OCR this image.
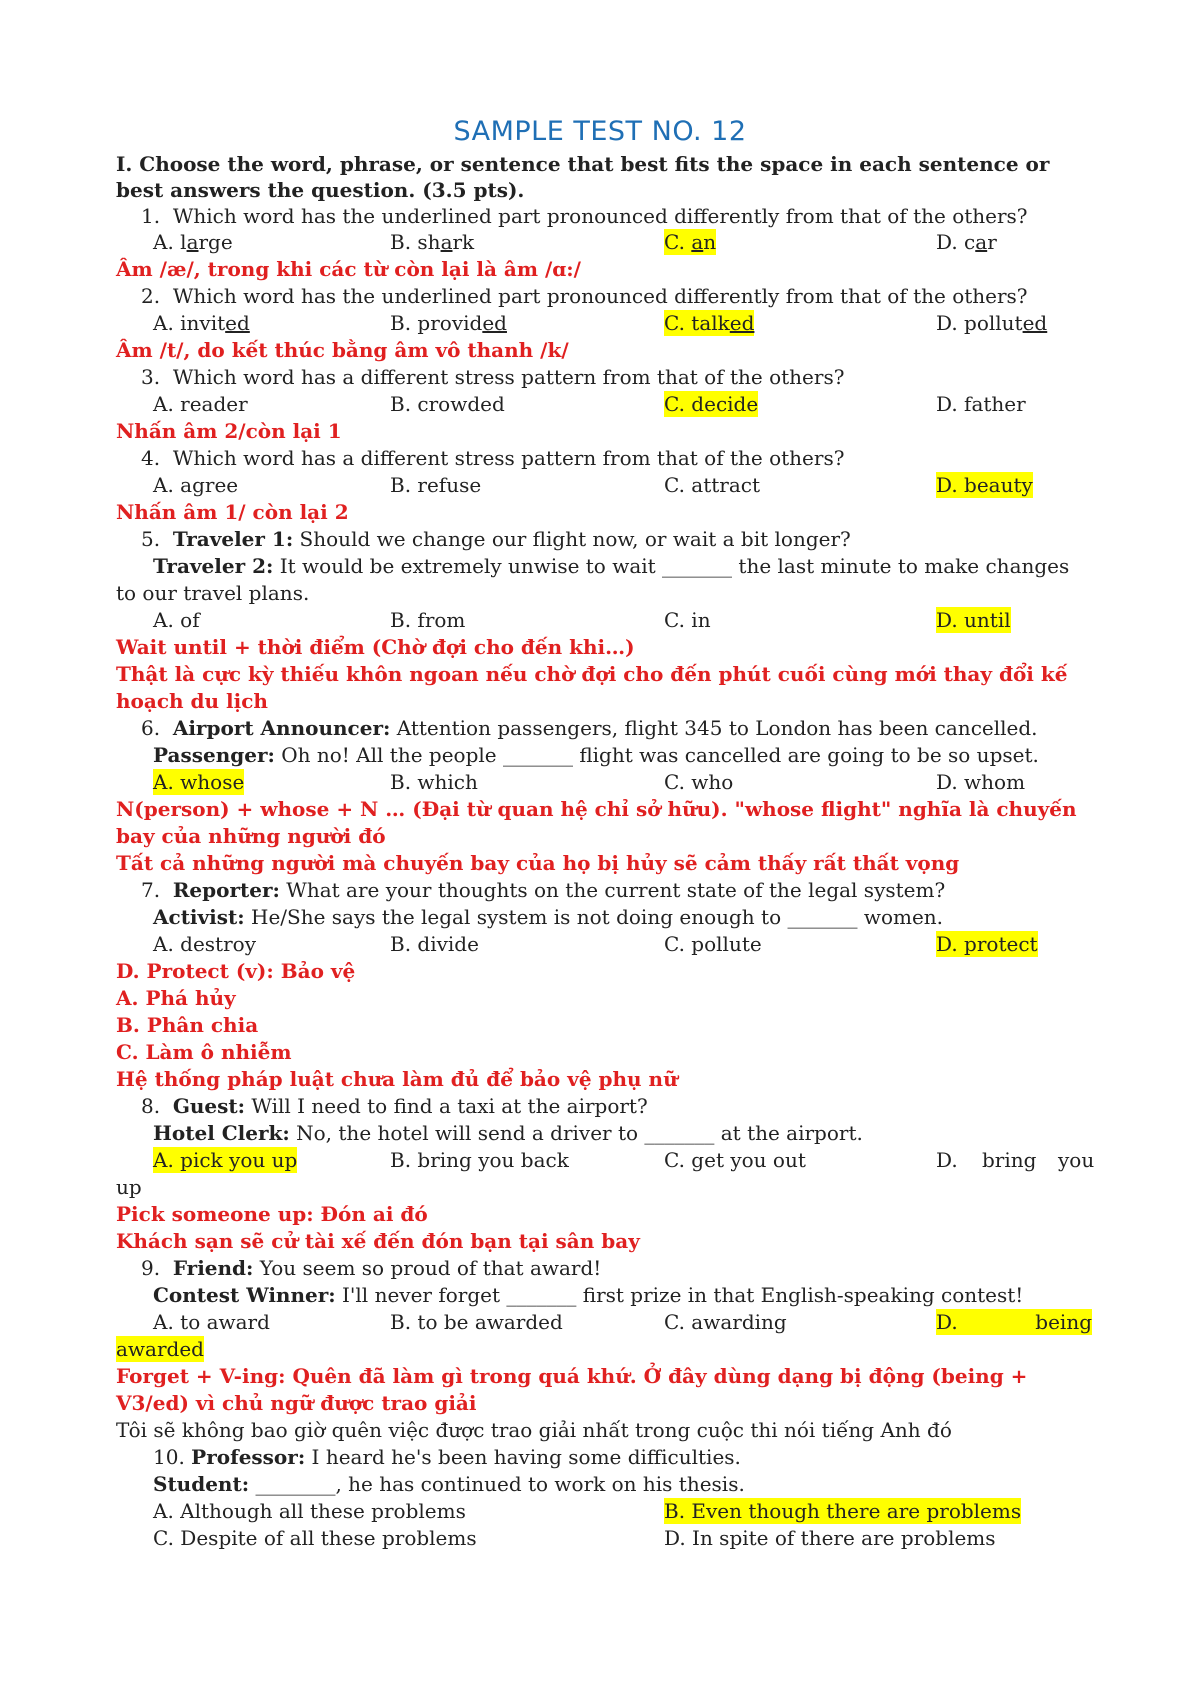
SAMPLE TEST NO. 12
I. Choose the word, phrase, or sentence that best fits the space in each sentence or
best answers the question. (3.5 pts).
1. Which word has the underlined part pronounced differently from that of the others?
A. large	B. shark	C. an	D. car
Âm /æ/, trong khi các từ còn lại là âm /ɑ:/
2. Which word has the underlined part pronounced differently from that of the others?
A. invited	B. provided	C. talked	D. polluted
Âm /t/, do kết thúc bằng âm vô thanh /k/
3. Which word has a different stress pattern from that of the others?
A. reader	B. crowded	C. decide	D. father
Nhấn âm 2/còn lại 1
4. Which word has a different stress pattern from that of the others?
A. agree	B. refuse	C. attract	D. beauty
Nhấn âm 1/ còn lại 2
5. Traveler 1: Should we change our flight now, or wait a bit longer?
Traveler 2: It would be extremely unwise to wait _______ the last minute to make changes
to our travel plans.
A. of	B. from	C. in	D. until
Wait until + thời điểm (Chờ đợi cho đến khi…)
Thật là cực kỳ thiếu khôn ngoan nếu chờ đợi cho đến phút cuối cùng mới thay đổi kế
hoạch du lịch
6. Airport Announcer: Attention passengers, flight 345 to London has been cancelled.
Passenger: Oh no! All the people _______ flight was cancelled are going to be so upset.
A. whose	B. which	C. who	D. whom
N(person) + whose + N … (Đại từ quan hệ chỉ sở hữu). "whose flight" nghĩa là chuyến
bay của những người đó
Tất cả những người mà chuyến bay của họ bị hủy sẽ cảm thấy rất thất vọng
7. Reporter: What are your thoughts on the current state of the legal system?
Activist: He/She says the legal system is not doing enough to _______ women.
A. destroy	B. divide	C. pollute	D. protect
D. Protect (v): Bảo vệ
A. Phá hủy
B. Phân chia
C. Làm ô nhiễm
Hệ thống pháp luật chưa làm đủ để bảo vệ phụ nữ
8. Guest: Will I need to find a taxi at the airport?
Hotel Clerk: No, the hotel will send a driver to _______ at the airport.
A. pick you up	B. bring you back	C. get you out	D. bring you
up
Pick someone up: Đón ai đó
Khách sạn sẽ cử tài xế đến đón bạn tại sân bay
9. Friend: You seem so proud of that award!
Contest Winner: I'll never forget _______ first prize in that English-speaking contest!
A. to award	B. to be awarded	C. awarding	D.	being
awarded
Forget + V-ing: Quên đã làm gì trong quá khứ. Ở đây dùng dạng bị động (being +
V3/ed) vì chủ ngữ được trao giải
Tôi sẽ không bao giờ quên việc được trao giải nhất trong cuộc thi nói tiếng Anh đó
10. Professor: I heard he's been having some difficulties.
Student: ________, he has continued to work on his thesis.
A. Although all these problems	B. Even though there are problems
C. Despite of all these problems	D. In spite of there are problems
